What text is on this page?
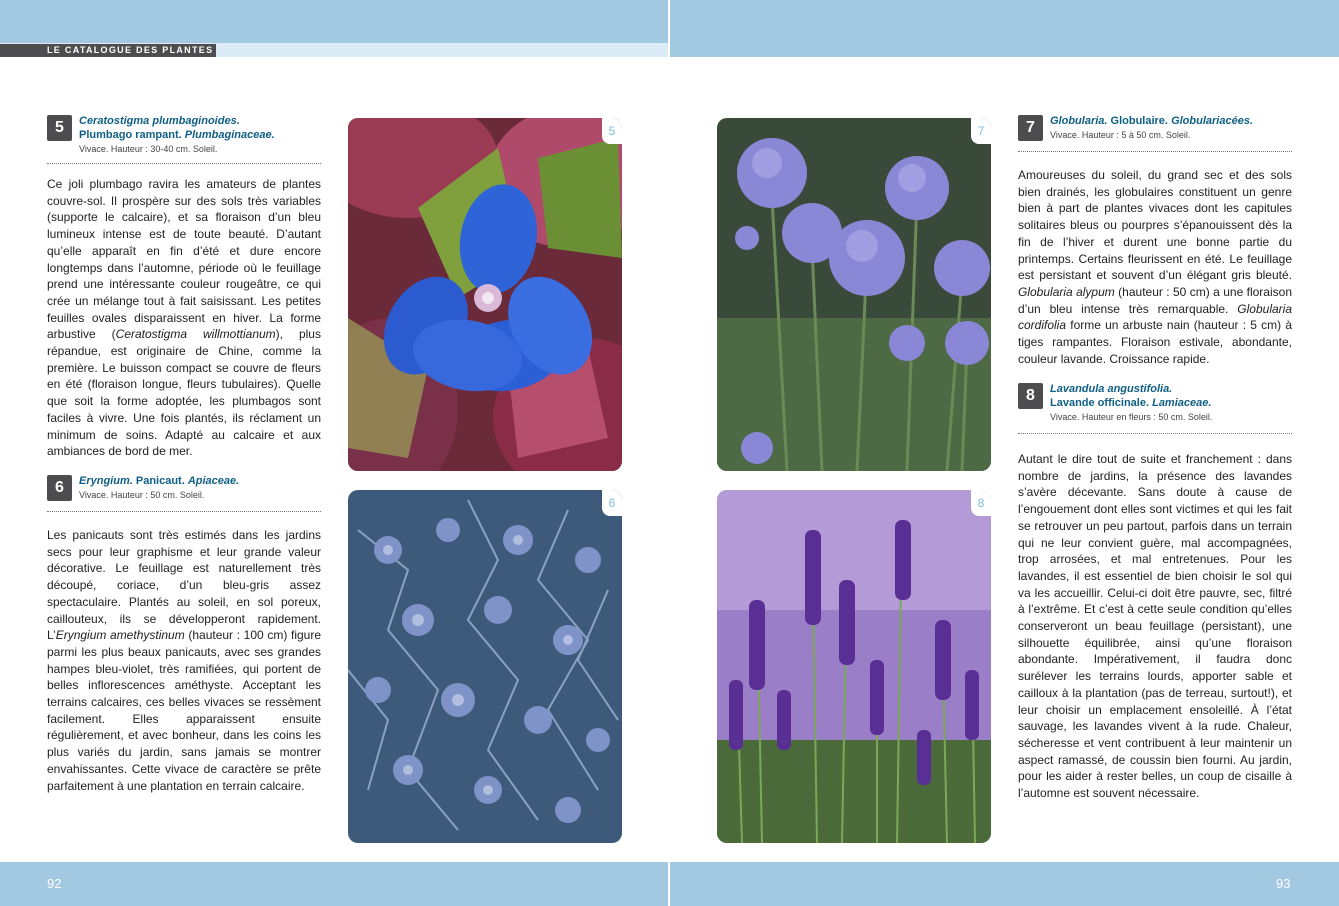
LE CATALOGUE DES PLANTES
5	Ceratostigma plumbaginoides.
Plumbago rampant. Plumbaginaceae.
Vivace. Hauteur : 30-40 cm. Soleil.

Ce joli plumbago ravira les amateurs de plantes couvre-sol. Il prospère sur des sols très variables (supporte le calcaire), et sa floraison d’un bleu lumineux intense est de toute beauté. D’autant qu’elle apparaît en fin d’été et dure encore longtemps dans l’automne, période où le feuillage prend une intéressante couleur rougeâtre, ce qui crée un mélange tout à fait saisissant. Les petites feuilles ovales disparaissent en hiver. La forme arbustive (Ceratostigma willmottianum), plus répandue, est originaire de Chine, comme la première. Le buisson compact se couvre de fleurs en été (floraison longue, fleurs tubulaires). Quelle que soit la forme adoptée, les plumbagos sont faciles à vivre. Une fois plantés, ils réclament un minimum de soins. Adapté au calcaire et aux ambiances de bord de mer.

6	Eryngium. Panicaut. Apiaceae.
Vivace. Hauteur : 50 cm. Soleil.

Les panicauts sont très estimés dans les jardins secs pour leur graphisme et leur grande valeur décorative. Le feuillage est naturellement très découpé, coriace, d’un bleu-gris assez spectaculaire. Plantés au soleil, en sol poreux, caillouteux, ils se développeront rapidement. L’Eryngium amethystinum (hauteur : 100 cm) figure parmi les plus beaux panicauts, avec ses grandes hampes bleu-violet, très ramifiées, qui portent de belles inflorescences améthyste. Acceptant les terrains calcaires, ces belles vivaces se ressèment facilement. Elles apparaissent ensuite régulièrement, et avec bonheur, dans les coins les plus variés du jardin, sans jamais se montrer envahissantes. Cette vivace de caractère se prête parfaitement à une plantation en terrain calcaire.

5
6
7
8
7	Globularia. Globulaire. Globulariacées.
Vivace. Hauteur : 5 à 50 cm. Soleil.

Amoureuses du soleil, du grand sec et des sols bien drainés, les globulaires constituent un genre bien à part de plantes vivaces dont les capitules solitaires bleus ou pourpres s’épanouissent dès la fin de l’hiver et durent une bonne partie du printemps. Certains fleurissent en été. Le feuillage est persistant et souvent d’un élégant gris bleuté. Globularia alypum (hauteur : 50 cm) a une floraison d’un bleu intense très remarquable. Globularia cordifolia forme un arbuste nain (hauteur : 5 cm) à tiges rampantes. Floraison estivale, abondante, couleur lavande. Croissance rapide.

8	Lavandula angustifolia.
Lavande officinale. Lamiaceae.
Vivace. Hauteur en fleurs : 50 cm. Soleil.

Autant le dire tout de suite et franchement : dans nombre de jardins, la présence des lavandes s’avère décevante. Sans doute à cause de l’engouement dont elles sont victimes et qui les fait se retrouver un peu partout, parfois dans un terrain qui ne leur convient guère, mal accompagnées, trop arrosées, et mal entretenues. Pour les lavandes, il est essentiel de bien choisir le sol qui va les accueillir. Celui-ci doit être pauvre, sec, filtré à l’extrême. Et c’est à cette seule condition qu’elles conserveront un beau feuillage (persistant), une silhouette équilibrée, ainsi qu’une floraison abondante. Impérativement, il faudra donc surélever les terrains lourds, apporter sable et cailloux à la plantation (pas de terreau, surtout!), et leur choisir un emplacement ensoleillé. À l’état sauvage, les lavandes vivent à la rude. Chaleur, sécheresse et vent contribuent à leur maintenir un aspect ramassé, de coussin bien fourni. Au jardin, pour les aider à rester belles, un coup de cisaille à l’automne est souvent nécessaire.

92	93
